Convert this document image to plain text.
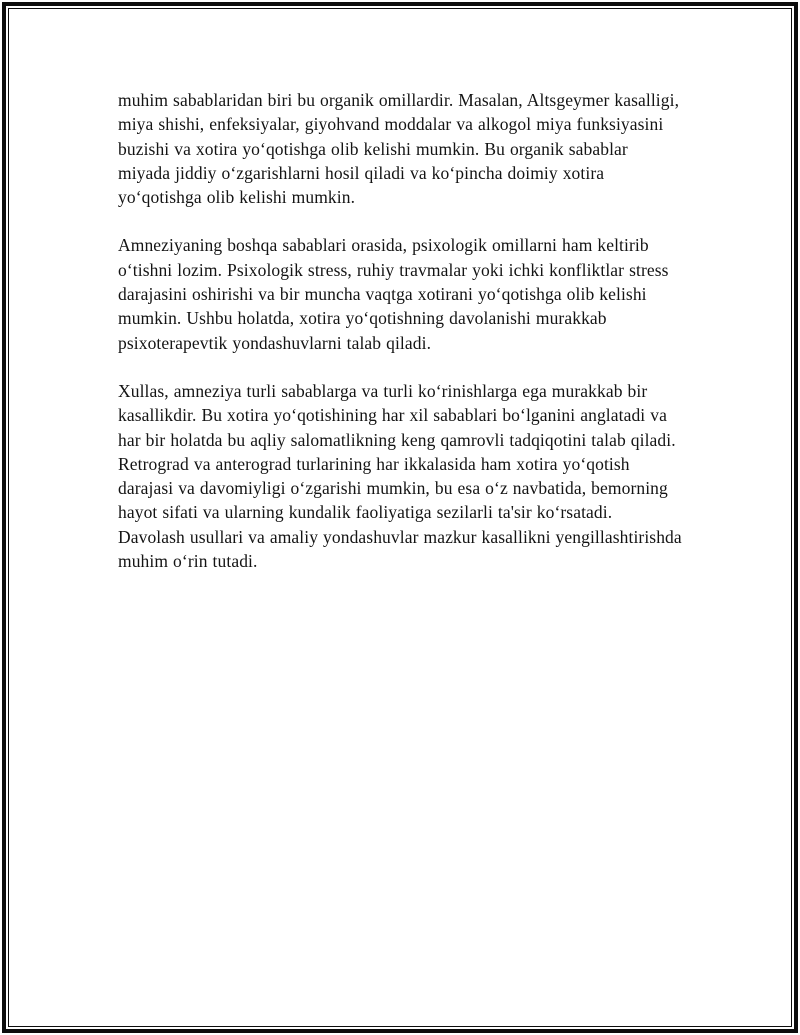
muhim sabablaridan biri bu organik omillardir. Masalan, Altsgeymer kasalligi, miya shishi, enfeksiyalar, giyohvand moddalar va alkogol miya funksiyasini buzishi va xotira yo‘qotishga olib kelishi mumkin. Bu organik sabablar miyada jiddiy o‘zgarishlarni hosil qiladi va ko‘pincha doimiy xotira yo‘qotishga olib kelishi mumkin.

Amneziyaning boshqa sabablari orasida, psixologik omillarni ham keltirib o‘tishni lozim. Psixologik stress, ruhiy travmalar yoki ichki konfliktlar stress darajasini oshirishi va bir muncha vaqtga xotirani yo‘qotishga olib kelishi mumkin. Ushbu holatda, xotira yo‘qotishning davolanishi murakkab psixoterapevtik yondashuvlarni talab qiladi.

Xullas, amneziya turli sabablarga va turli ko‘rinishlarga ega murakkab bir kasallikdir. Bu xotira yo‘qotishining har xil sabablari bo‘lganini anglatadi va har bir holatda bu aqliy salomatlikning keng qamrovli tadqiqotini talab qiladi. Retrograd va anterograd turlarining har ikkalasida ham xotira yo‘qotish darajasi va davomiyligi o‘zgarishi mumkin, bu esa o‘z navbatida, bemorning hayot sifati va ularning kundalik faoliyatiga sezilarli ta'sir ko‘rsatadi. Davolash usullari va amaliy yondashuvlar mazkur kasallikni yengillashtirishda muhim o‘rin tutadi.
